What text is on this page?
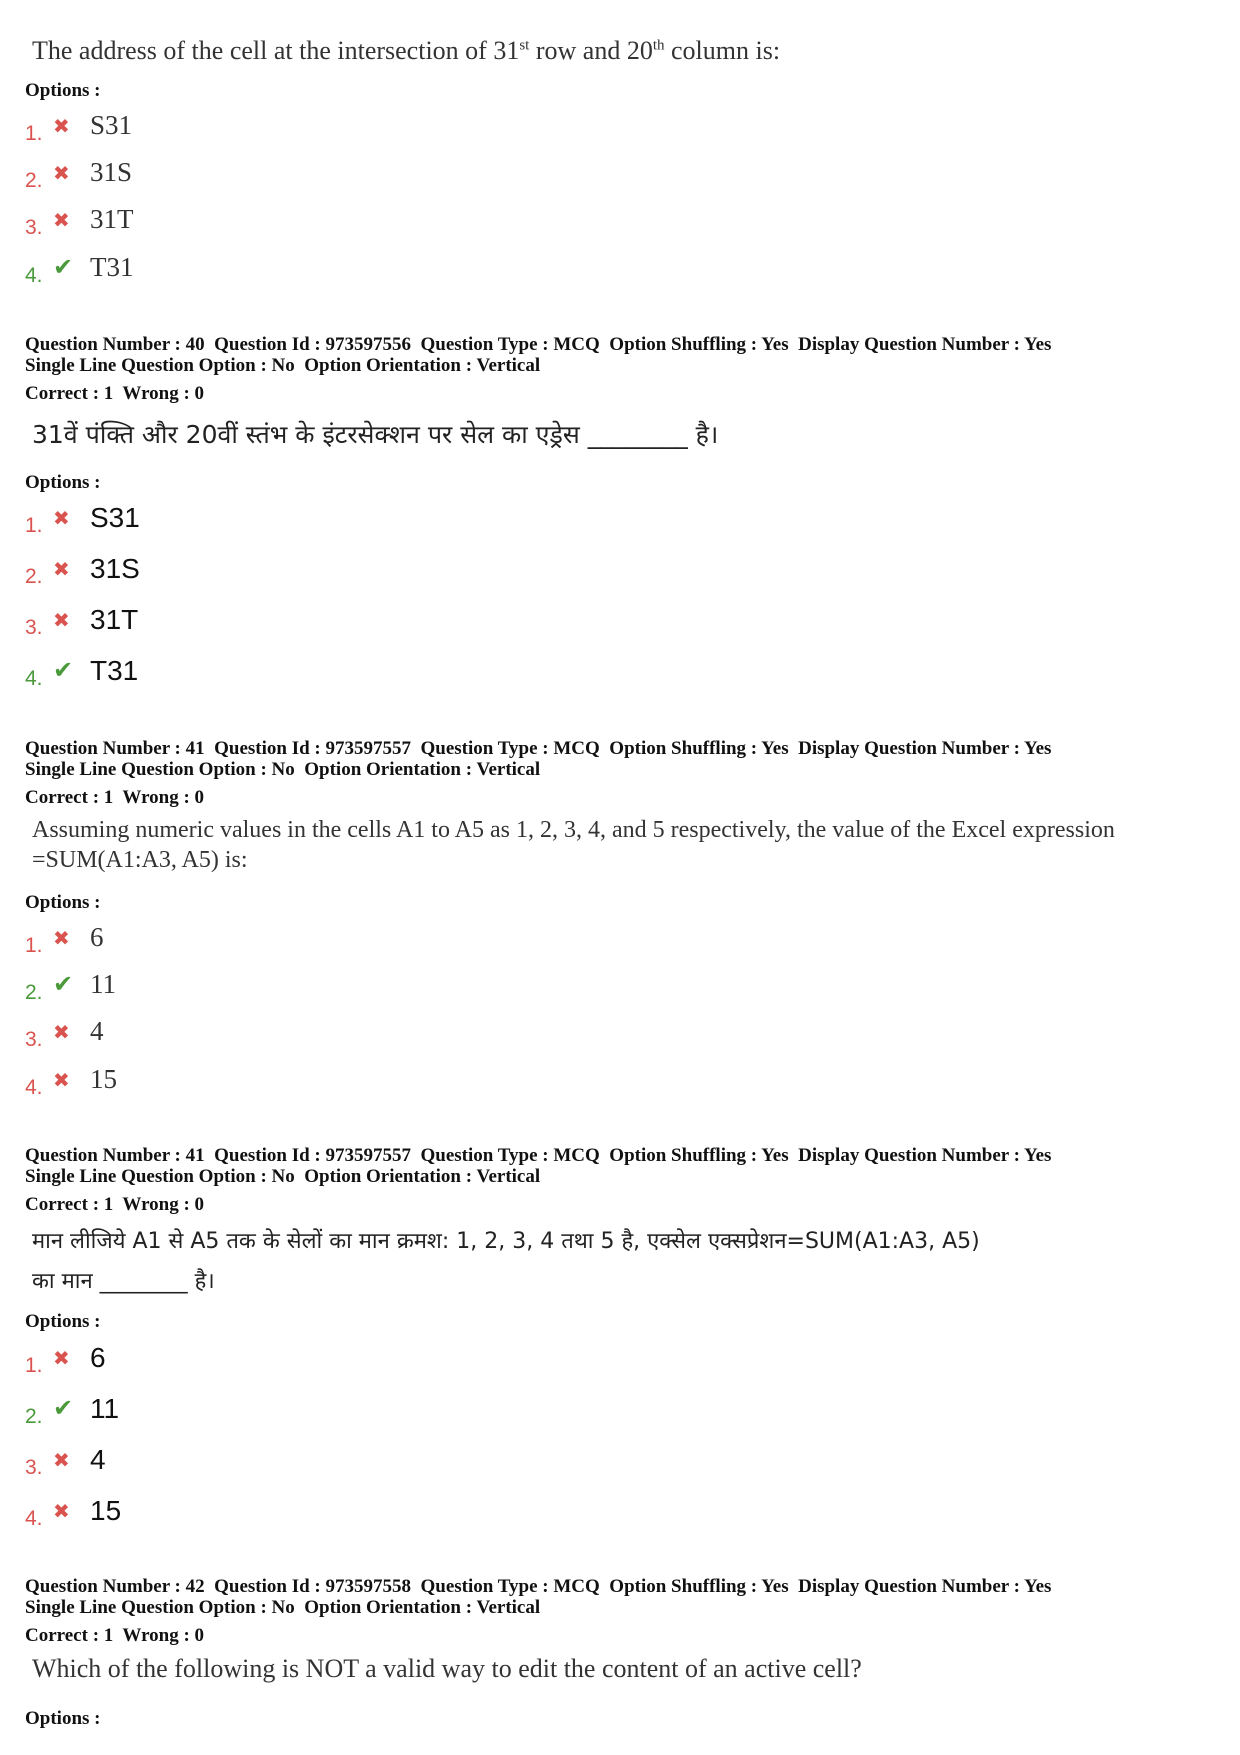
The address of the cell at the intersection of 31st row and 20th column is:
Options :
1. ✖ S31
2. ✖ 31S
3. ✖ 31T
4. ✔ T31
Question Number : 40  Question Id : 973597556  Question Type : MCQ  Option Shuffling : Yes  Display Question Number : Yes
Single Line Question Option : No  Option Orientation : Vertical
Correct : 1  Wrong : 0
31वें पंक्ति और 20वीं स्तंभ के इंटरसेक्शन पर सेल का एड्रेस ________ है।
Options :
1. ✖ S31
2. ✖ 31S
3. ✖ 31T
4. ✔ T31
Question Number : 41  Question Id : 973597557  Question Type : MCQ  Option Shuffling : Yes  Display Question Number : Yes
Single Line Question Option : No  Option Orientation : Vertical
Correct : 1  Wrong : 0
Assuming numeric values in the cells A1 to A5 as 1, 2, 3, 4, and 5 respectively, the value of the Excel expression
=SUM(A1:A3, A5) is:
Options :
1. ✖ 6
2. ✔ 11
3. ✖ 4
4. ✖ 15
Question Number : 41  Question Id : 973597557  Question Type : MCQ  Option Shuffling : Yes  Display Question Number : Yes
Single Line Question Option : No  Option Orientation : Vertical
Correct : 1  Wrong : 0
मान लीजिये A1 से A5 तक के सेलों का मान क्रमश: 1, 2, 3, 4 तथा 5 है, एक्सेल एक्सप्रेशन=SUM(A1:A3, A5)
का मान ________ है।
Options :
1. ✖ 6
2. ✔ 11
3. ✖ 4
4. ✖ 15
Question Number : 42  Question Id : 973597558  Question Type : MCQ  Option Shuffling : Yes  Display Question Number : Yes
Single Line Question Option : No  Option Orientation : Vertical
Correct : 1  Wrong : 0
Which of the following is NOT a valid way to edit the content of an active cell?
Options :
